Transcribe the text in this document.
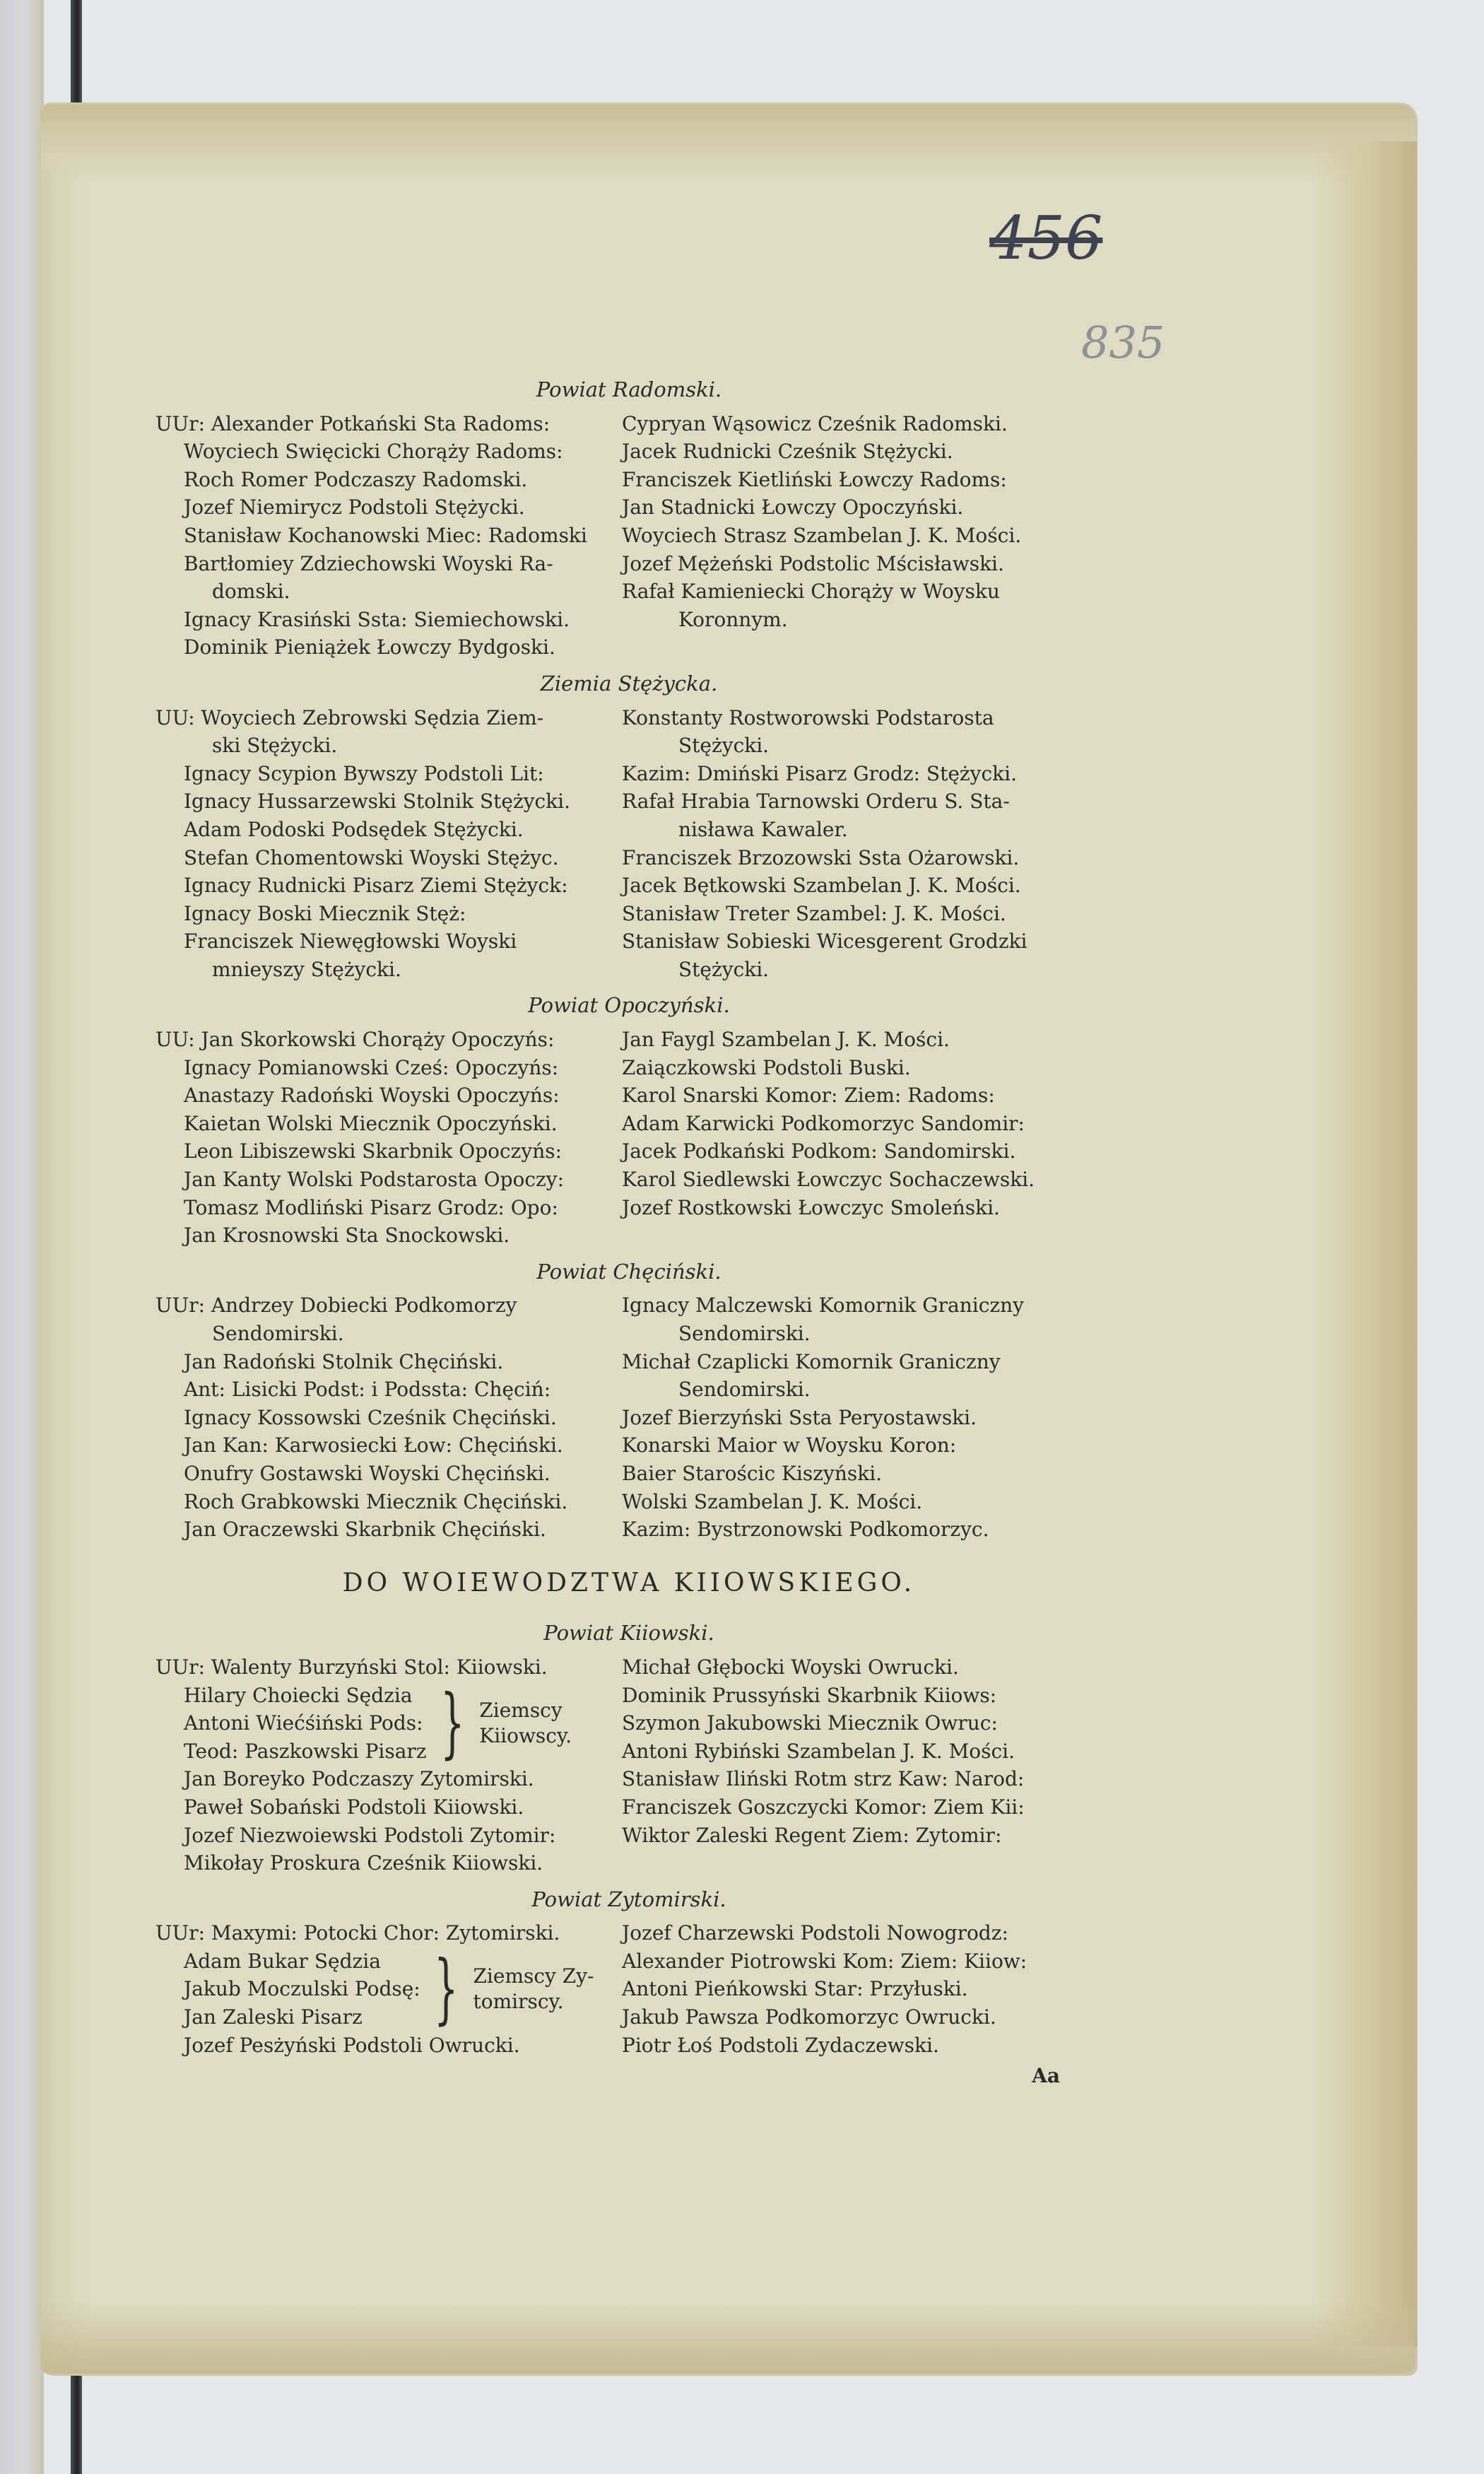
456
835
Powiat Radomski.
UUr: Alexander Potkański Sta Radoms:
Woyciech Swięcicki Chorąży Radoms:
Roch Romer Podczaszy Radomski.
Jozef Niemirycz Podstoli Stężycki.
Stanisław Kochanowski Miec: Radomski
Bartłomiey Zdziechowski Woyski Ra-
domski.
Ignacy Krasiński Ssta: Siemiechowski.
Dominik Pieniążek Łowczy Bydgoski.
Cypryan Wąsowicz Cześnik Radomski.
Jacek Rudnicki Cześnik Stężycki.
Franciszek Kietliński Łowczy Radoms:
Jan Stadnicki Łowczy Opoczyński.
Woyciech Strasz Szambelan J. K. Mości.
Jozef Mężeński Podstolic Mścisławski.
Rafał Kamieniecki Chorąży w Woysku
Koronnym.
Ziemia Stężycka.
UU: Woyciech Zebrowski Sędzia Ziem-
ski Stężycki.
Ignacy Scypion Bywszy Podstoli Lit:
Ignacy Hussarzewski Stolnik Stężycki.
Adam Podoski Podsędek Stężycki.
Stefan Chomentowski Woyski Stężyc.
Ignacy Rudnicki Pisarz Ziemi Stężyck:
Ignacy Boski Miecznik Stęż:
Franciszek Niewęgłowski Woyski
mnieyszy Stężycki.
Konstanty Rostworowski Podstarosta
Stężycki.
Kazim: Dmiński Pisarz Grodz: Stężycki.
Rafał Hrabia Tarnowski Orderu S. Sta-
nisława Kawaler.
Franciszek Brzozowski Ssta Ożarowski.
Jacek Bętkowski Szambelan J. K. Mości.
Stanisław Treter Szambel: J. K. Mości.
Stanisław Sobieski Wicesgerent Grodzki
Stężycki.
Powiat Opoczyński.
UU: Jan Skorkowski Chorąży Opoczyńs:
Ignacy Pomianowski Cześ: Opoczyńs:
Anastazy Radoński Woyski Opoczyńs:
Kaietan Wolski Miecznik Opoczyński.
Leon Libiszewski Skarbnik Opoczyńs:
Jan Kanty Wolski Podstarosta Opoczy:
Tomasz Modliński Pisarz Grodz: Opo:
Jan Krosnowski Sta Snockowski.
Jan Faygl Szambelan J. K. Mości.
Zaiączkowski Podstoli Buski.
Karol Snarski Komor: Ziem: Radoms:
Adam Karwicki Podkomorzyc Sandomir:
Jacek Podkański Podkom: Sandomirski.
Karol Siedlewski Łowczyc Sochaczewski.
Jozef Rostkowski Łowczyc Smoleński.
Powiat Chęciński.
UUr: Andrzey Dobiecki Podkomorzy
Sendomirski.
Jan Radoński Stolnik Chęciński.
Ant: Lisicki Podst: i Podssta: Chęciń:
Ignacy Kossowski Cześnik Chęciński.
Jan Kan: Karwosiecki Łow: Chęciński.
Onufry Gostawski Woyski Chęciński.
Roch Grabkowski Miecznik Chęciński.
Jan Oraczewski Skarbnik Chęciński.
Ignacy Malczewski Komornik Graniczny
Sendomirski.
Michał Czaplicki Komornik Graniczny
Sendomirski.
Jozef Bierzyński Ssta Peryostawski.
Konarski Maior w Woysku Koron:
Baier Starościc Kiszyński.
Wolski Szambelan J. K. Mości.
Kazim: Bystrzonowski Podkomorzyc.
DO WOIEWODZTWA KIIOWSKIEGO.
Powiat Kiiowski.
UUr: Walenty Burzyński Stol: Kiiowski.
Hilary Choiecki Sędzia
Antoni Wiećśiński Pods:
Teod: Paszkowski Pisarz } Ziemscy
Kiiowscy.
Jan Boreyko Podczaszy Zytomirski.
Paweł Sobański Podstoli Kiiowski.
Jozef Niezwoiewski Podstoli Zytomir:
Mikołay Proskura Cześnik Kiiowski.
Michał Głębocki Woyski Owrucki.
Dominik Prussyński Skarbnik Kiiows:
Szymon Jakubowski Miecznik Owruc:
Antoni Rybiński Szambelan J. K. Mości.
Stanisław Iliński Rotm strz Kaw: Narod:
Franciszek Goszczycki Komor: Ziem Kii:
Wiktor Zaleski Regent Ziem: Zytomir:
Powiat Zytomirski.
UUr: Maxymi: Potocki Chor: Zytomirski.
Adam Bukar Sędzia
Jakub Moczulski Podsę:
Jan Zaleski Pisarz } Ziemscy Zy-
tomirscy.
Jozef Pesżyński Podstoli Owrucki.
Jozef Charzewski Podstoli Nowogrodz:
Alexander Piotrowski Kom: Ziem: Kiiow:
Antoni Pieńkowski Star: Przyłuski.
Jakub Pawsza Podkomorzyc Owrucki.
Piotr Łoś Podstoli Zydaczewski.
Aa
